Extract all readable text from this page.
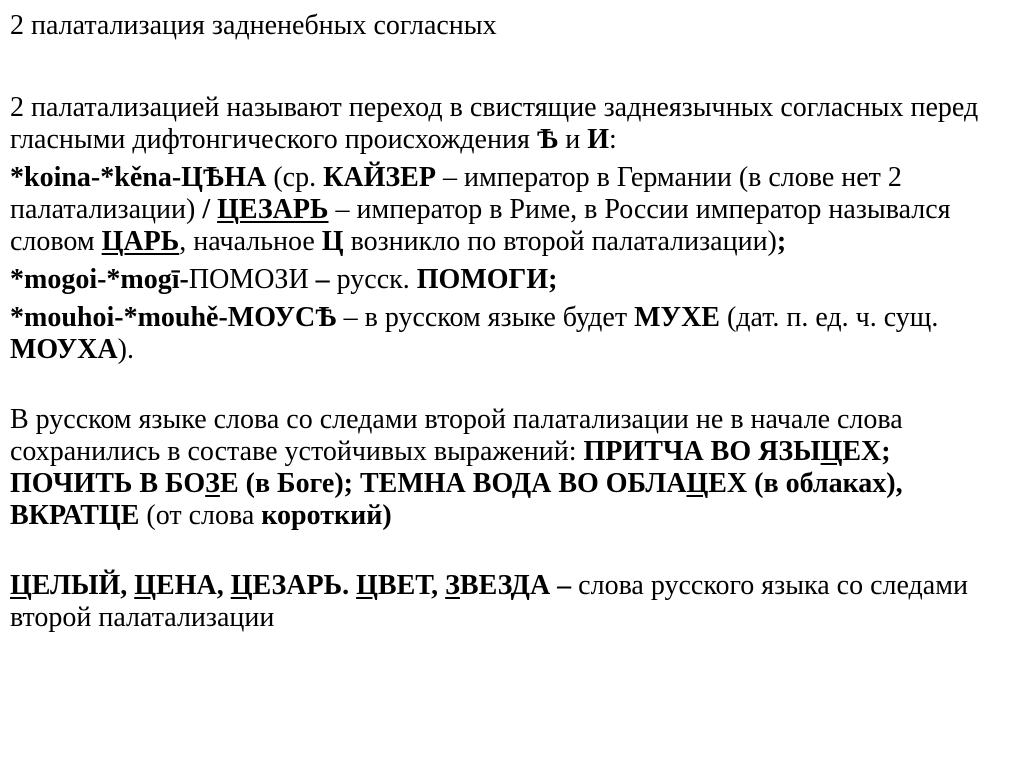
2 палатализация задненебных согласных
2 палатализацией называют переход в свистящие заднеязычных согласных перед гласными дифтонгического происхождения Ѣ и И:
*koina-*kěna-ЦѢНА (ср. КАЙЗЕР – император в Германии (в слове нет 2 палатализации) / ЦЕЗАРЬ – император в Риме, в России император назывался словом ЦАРЬ, начальное Ц возникло по второй палатализации);
*mogoi-*mogī-ПОМОЗИ – русск. ПОМОГИ;
*mouhoi-*mouhě-МОУСѢ – в русском языке будет МУХЕ (дат. п. ед. ч. сущ. МОУХА).
В русском языке слова со следами второй палатализации не в начале слова сохранились в составе устойчивых выражений: ПРИТЧА ВО ЯЗЫЦЕХ; ПОЧИТЬ В БОЗЕ (в Боге); ТЕМНА ВОДА ВО ОБЛАЦЕХ (в облаках), ВКРАТЦЕ (от слова короткий)
ЦЕЛЫЙ, ЦЕНА, ЦЕЗАРЬ. ЦВЕТ, ЗВЕЗДА – слова русского языка со следами второй палатализации
